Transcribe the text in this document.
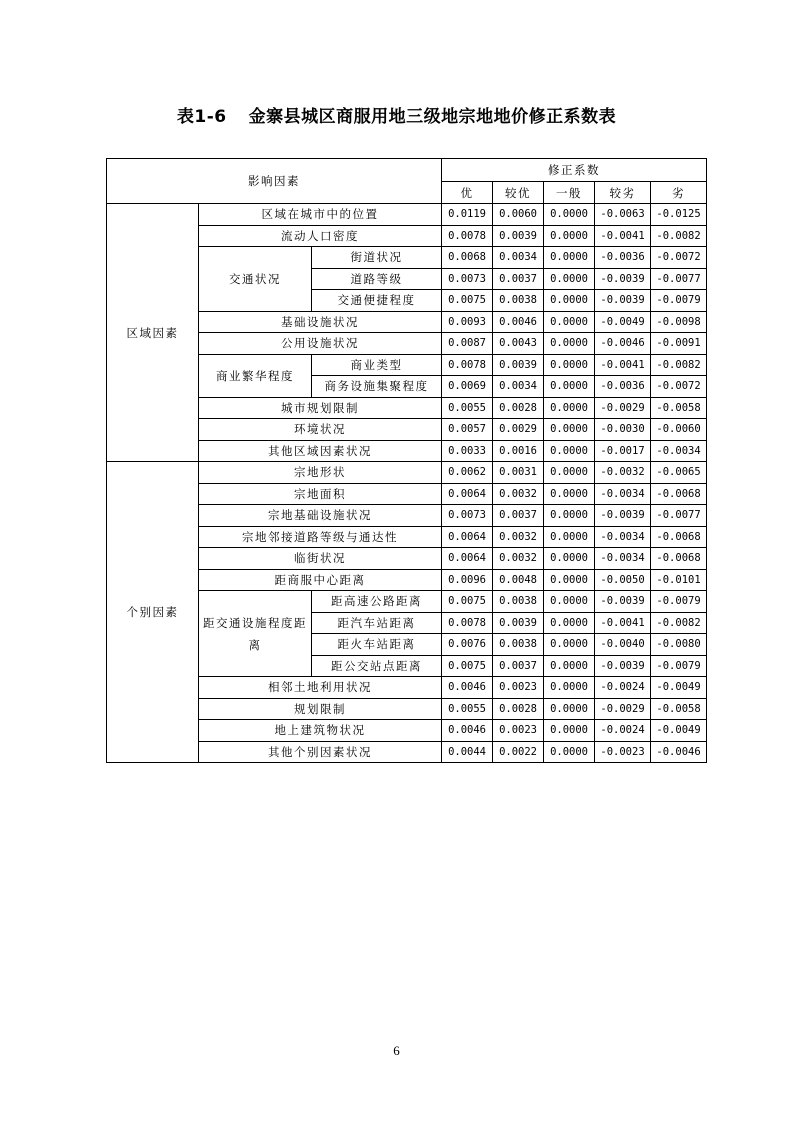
表1-6 金寨县城区商服用地三级地宗地地价修正系数表
影响因素			修正系数				
			优	较优	一般	较劣	劣
区域因素	区域在城市中的位置		0.0119	0.0060	0.0000	-0.0063	-0.0125
	流动人口密度		0.0078	0.0039	0.0000	-0.0041	-0.0082
	交通状况	街道状况	0.0068	0.0034	0.0000	-0.0036	-0.0072
		道路等级	0.0073	0.0037	0.0000	-0.0039	-0.0077
		交通便捷程度	0.0075	0.0038	0.0000	-0.0039	-0.0079
	基础设施状况		0.0093	0.0046	0.0000	-0.0049	-0.0098
	公用设施状况		0.0087	0.0043	0.0000	-0.0046	-0.0091
	商业繁华程度	商业类型	0.0078	0.0039	0.0000	-0.0041	-0.0082
		商务设施集聚程度	0.0069	0.0034	0.0000	-0.0036	-0.0072
	城市规划限制		0.0055	0.0028	0.0000	-0.0029	-0.0058
	环境状况		0.0057	0.0029	0.0000	-0.0030	-0.0060
	其他区域因素状况		0.0033	0.0016	0.0000	-0.0017	-0.0034
个别因素	宗地形状		0.0062	0.0031	0.0000	-0.0032	-0.0065
	宗地面积		0.0064	0.0032	0.0000	-0.0034	-0.0068
	宗地基础设施状况		0.0073	0.0037	0.0000	-0.0039	-0.0077
	宗地邻接道路等级与通达性		0.0064	0.0032	0.0000	-0.0034	-0.0068
	临街状况		0.0064	0.0032	0.0000	-0.0034	-0.0068
	距商服中心距离		0.0096	0.0048	0.0000	-0.0050	-0.0101
	距交通设施程度距离	距高速公路距离	0.0075	0.0038	0.0000	-0.0039	-0.0079
		距汽车站距离	0.0078	0.0039	0.0000	-0.0041	-0.0082
		距火车站距离	0.0076	0.0038	0.0000	-0.0040	-0.0080
		距公交站点距离	0.0075	0.0037	0.0000	-0.0039	-0.0079
	相邻土地利用状况		0.0046	0.0023	0.0000	-0.0024	-0.0049
	规划限制		0.0055	0.0028	0.0000	-0.0029	-0.0058
	地上建筑物状况		0.0046	0.0023	0.0000	-0.0024	-0.0049
	其他个别因素状况		0.0044	0.0022	0.0000	-0.0023	-0.0046
6
